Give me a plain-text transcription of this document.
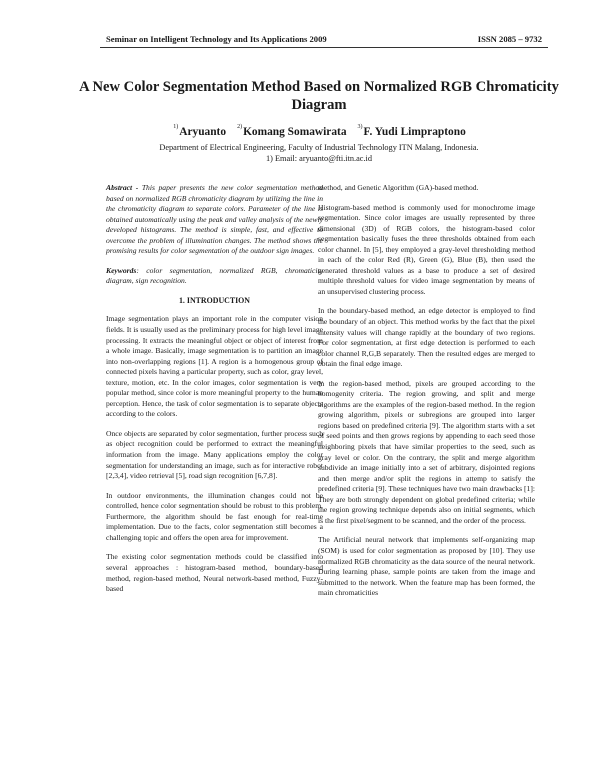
Seminar on Intelligent Technology and Its Applications 2009	ISSN 2085 – 9732
A New Color Segmentation Method Based on Normalized RGB Chromaticity Diagram
$^{1)}$Aryuanto $^{2)}$Komang Somawirata $^{3)}$F. Yudi Limpraptono
Department of Electrical Engineering, Faculty of Industrial Technology ITN Malang, Indonesia.
1) Email: aryuanto@fti.itn.ac.id

Abstract - This paper presents the new color segmentation method based on normalized RGB chromaticity diagram by utilizing the line in the chromaticity diagram to separate colors. Parameter of the line is obtained automatically using the peak and valley analysis of the newly developed histograms. The method is simple, fast, and effective to overcome the problem of illumination changes. The method shows the promising results for color segmentation of the outdoor sign images.

Keywords: color segmentation, normalized RGB, chromaticity diagram, sign recognition.

1. INTRODUCTION

Image segmentation plays an important role in the computer vision fields. It is usually used as the preliminary process for high level image processing. It extracts the meaningful object or object of interest from a whole image. Basically, image segmentation is to partition an image into non-overlapping regions [1]. A region is a homogenous group of connected pixels having a particular property, such as color, gray level, texture, motion, etc. In the color images, color segmentation is very popular method, since color is more meaningful property to the human perception. Hence, the task of color segmentation is to separate objects according to the colors.

Once objects are separated by color segmentation, further process such as object recognition could be performed to extract the meaningful information from the image. Many applications employ the color segmentation for understanding an image, such as for interactive robot [2,3,4], video retrieval [5], road sign recognition [6,7,8].

In outdoor environments, the illumination changes could not be controlled, hence color segmentation should be robust to this problem. Furthermore, the algorithm should be fast enough for real-time implementation. Due to the facts, color segmentation still becomes a challenging topic and offers the open area for improvement.

The existing color segmentation methods could be classified into several approaches : histogram-based method, boundary-based method, region-based method, Neural network-based method, Fuzzy-based

method, and Genetic Algorithm (GA)-based method.

Histogram-based method is commonly used for monochrome image segmentation. Since color images are usually represented by three dimensional (3D) of RGB colors, the histogram-based color segmentation basically fuses the three thresholds obtained from each color channel. In [5], they employed a gray-level thresholding method in each of the color Red (R), Green (G), Blue (B), then used the generated threshold values as a base to produce a set of desired multiple threshold values for video image segmentation by means of an unsupervised clustering process.

In the boundary-based method, an edge detector is employed to find the boundary of an object. This method works by the fact that the pixel intensity values will change rapidly at the boundary of two regions. For color segmentation, at first edge detection is performed to each color channel R,G,B separately. Then the resulted edges are merged to obtain the final edge image.

In the region-based method, pixels are grouped according to the homogenity criteria. The region growing, and split and merge algorithms are the examples of the region-based method. In the region growing algorithm, pixels or subregions are grouped into larger regions based on predefined criteria [9]. The algorithm starts with a set of seed points and then grows regions by appending to each seed those neighboring pixels that have similar properties to the seed, such as gray level or color. On the contrary, the split and merge algorithm subdivide an image initially into a set of arbitrary, disjointed regions and then merge and/or split the regions in attemp to satisfy the predefined criteria [9]. These techniques have two main drawbacks [1]: They are both strongly dependent on global predefined criteria; while the region growing technique depends also on initial segments, which is the first pixel/segment to be scanned, and the order of the process.

The Artificial neural network that implements self-organizing map (SOM) is used for color segmentation as proposed by [10]. They use normalized RGB chromaticity as the data source of the neural network. During learning phase, sample points are taken from the image and submitted to the network. When the feature map has been formed, the main chromaticities
